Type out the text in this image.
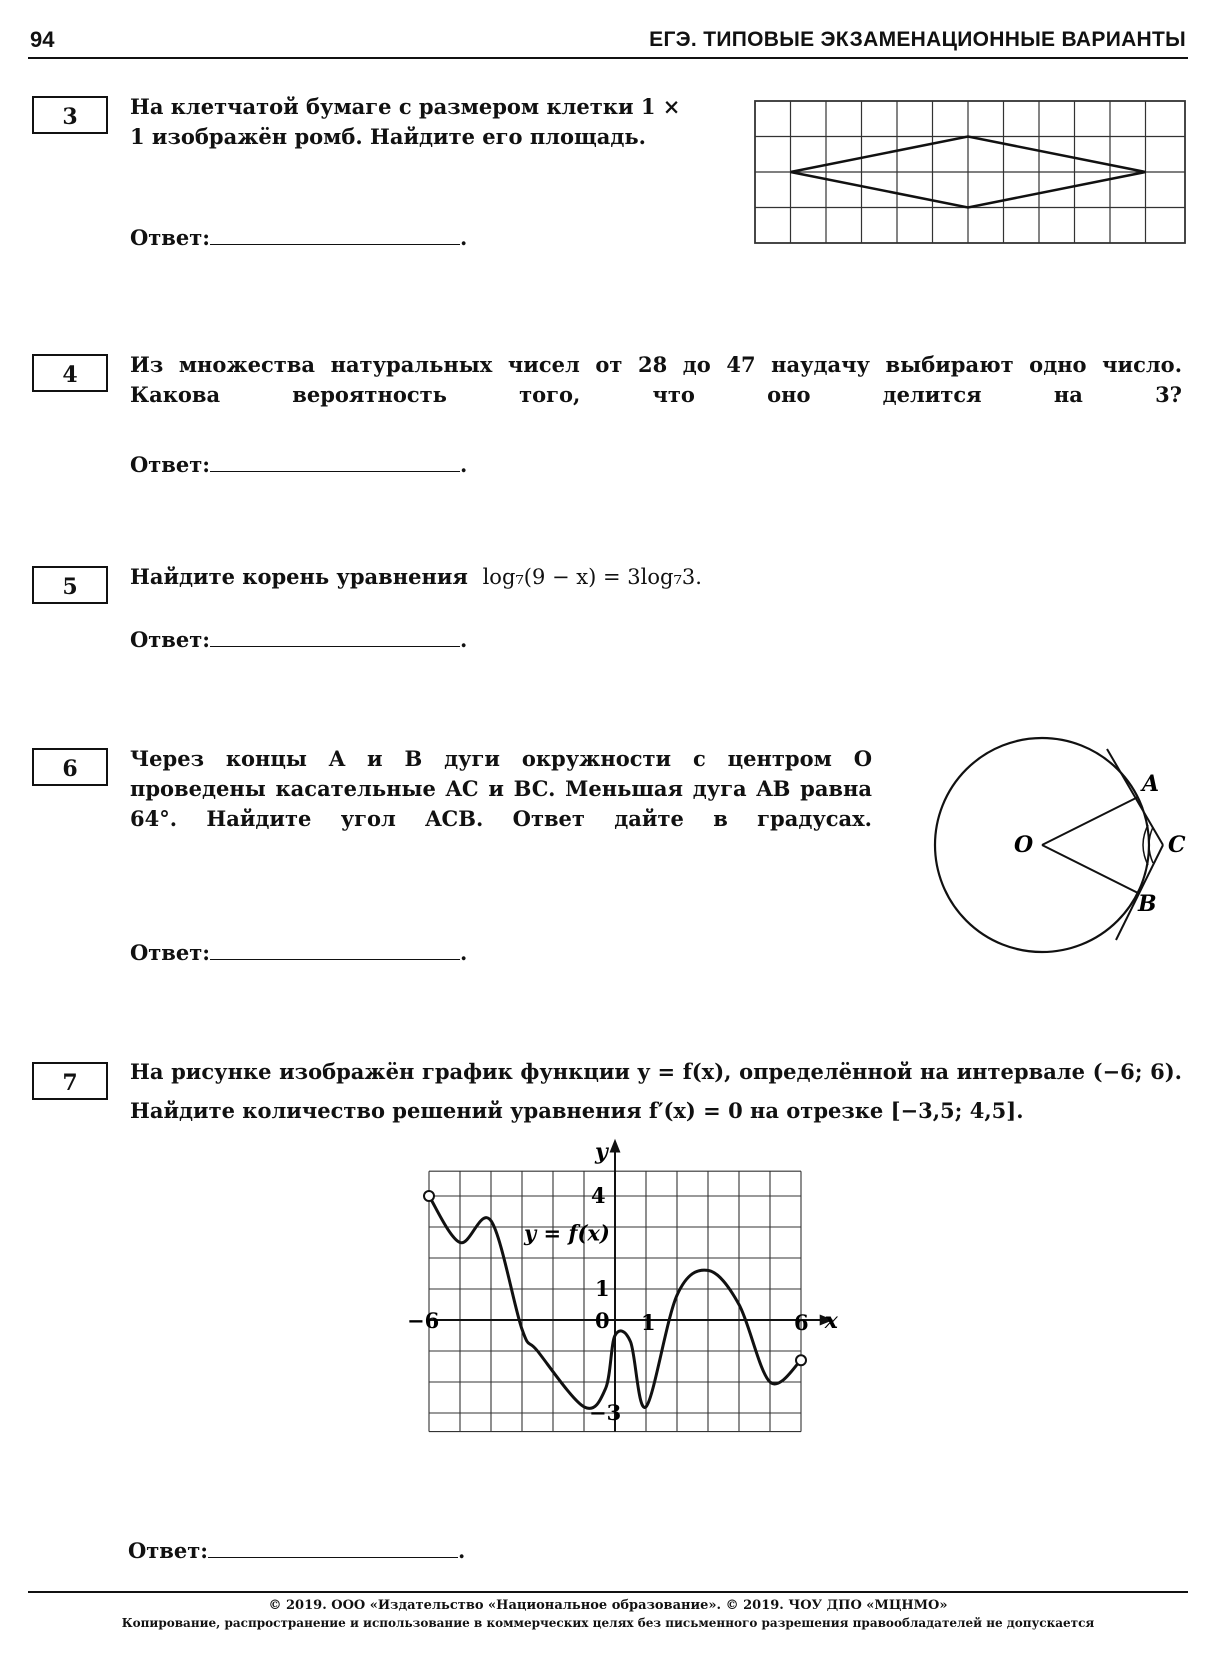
94	ЕГЭ. ТИПОВЫЕ ЭКЗАМЕНАЦИОННЫЕ ВАРИАНТЫ
3	На клетчатой бумаге с размером клетки 1 × 1 изображён ромб. Найдите его площадь.
Ответ:	.
4	Из множества натуральных чисел от 28 до 47 наудачу выбирают одно число. Какова вероятность того, что оно делится на 3?
Ответ:	.
5	Найдите корень уравнения log₇(9 − x) = 3log₇3.
Ответ:	.
6	Через концы A и B дуги окружности с центром O проведены касательные AC и BC. Меньшая дуга AB равна 64°. Найдите угол ACB. Ответ дайте в градусах.
O
A
C
B
Ответ:	.
7	На рисунке изображён график функции y = f(x), определённой на интервале (−6; 6).
Найдите количество решений уравнения f′(x) = 0 на отрезке [−3,5; 4,5].
y
x
y = f(x)
4
1
−3
−6	0 1	6
Ответ:	.
© 2019. ООО «Издательство «Национальное образование». © 2019. ЧОУ ДПО «МЦНМО»
Копирование, распространение и использование в коммерческих целях без письменного разрешения правообладателей не допускается
